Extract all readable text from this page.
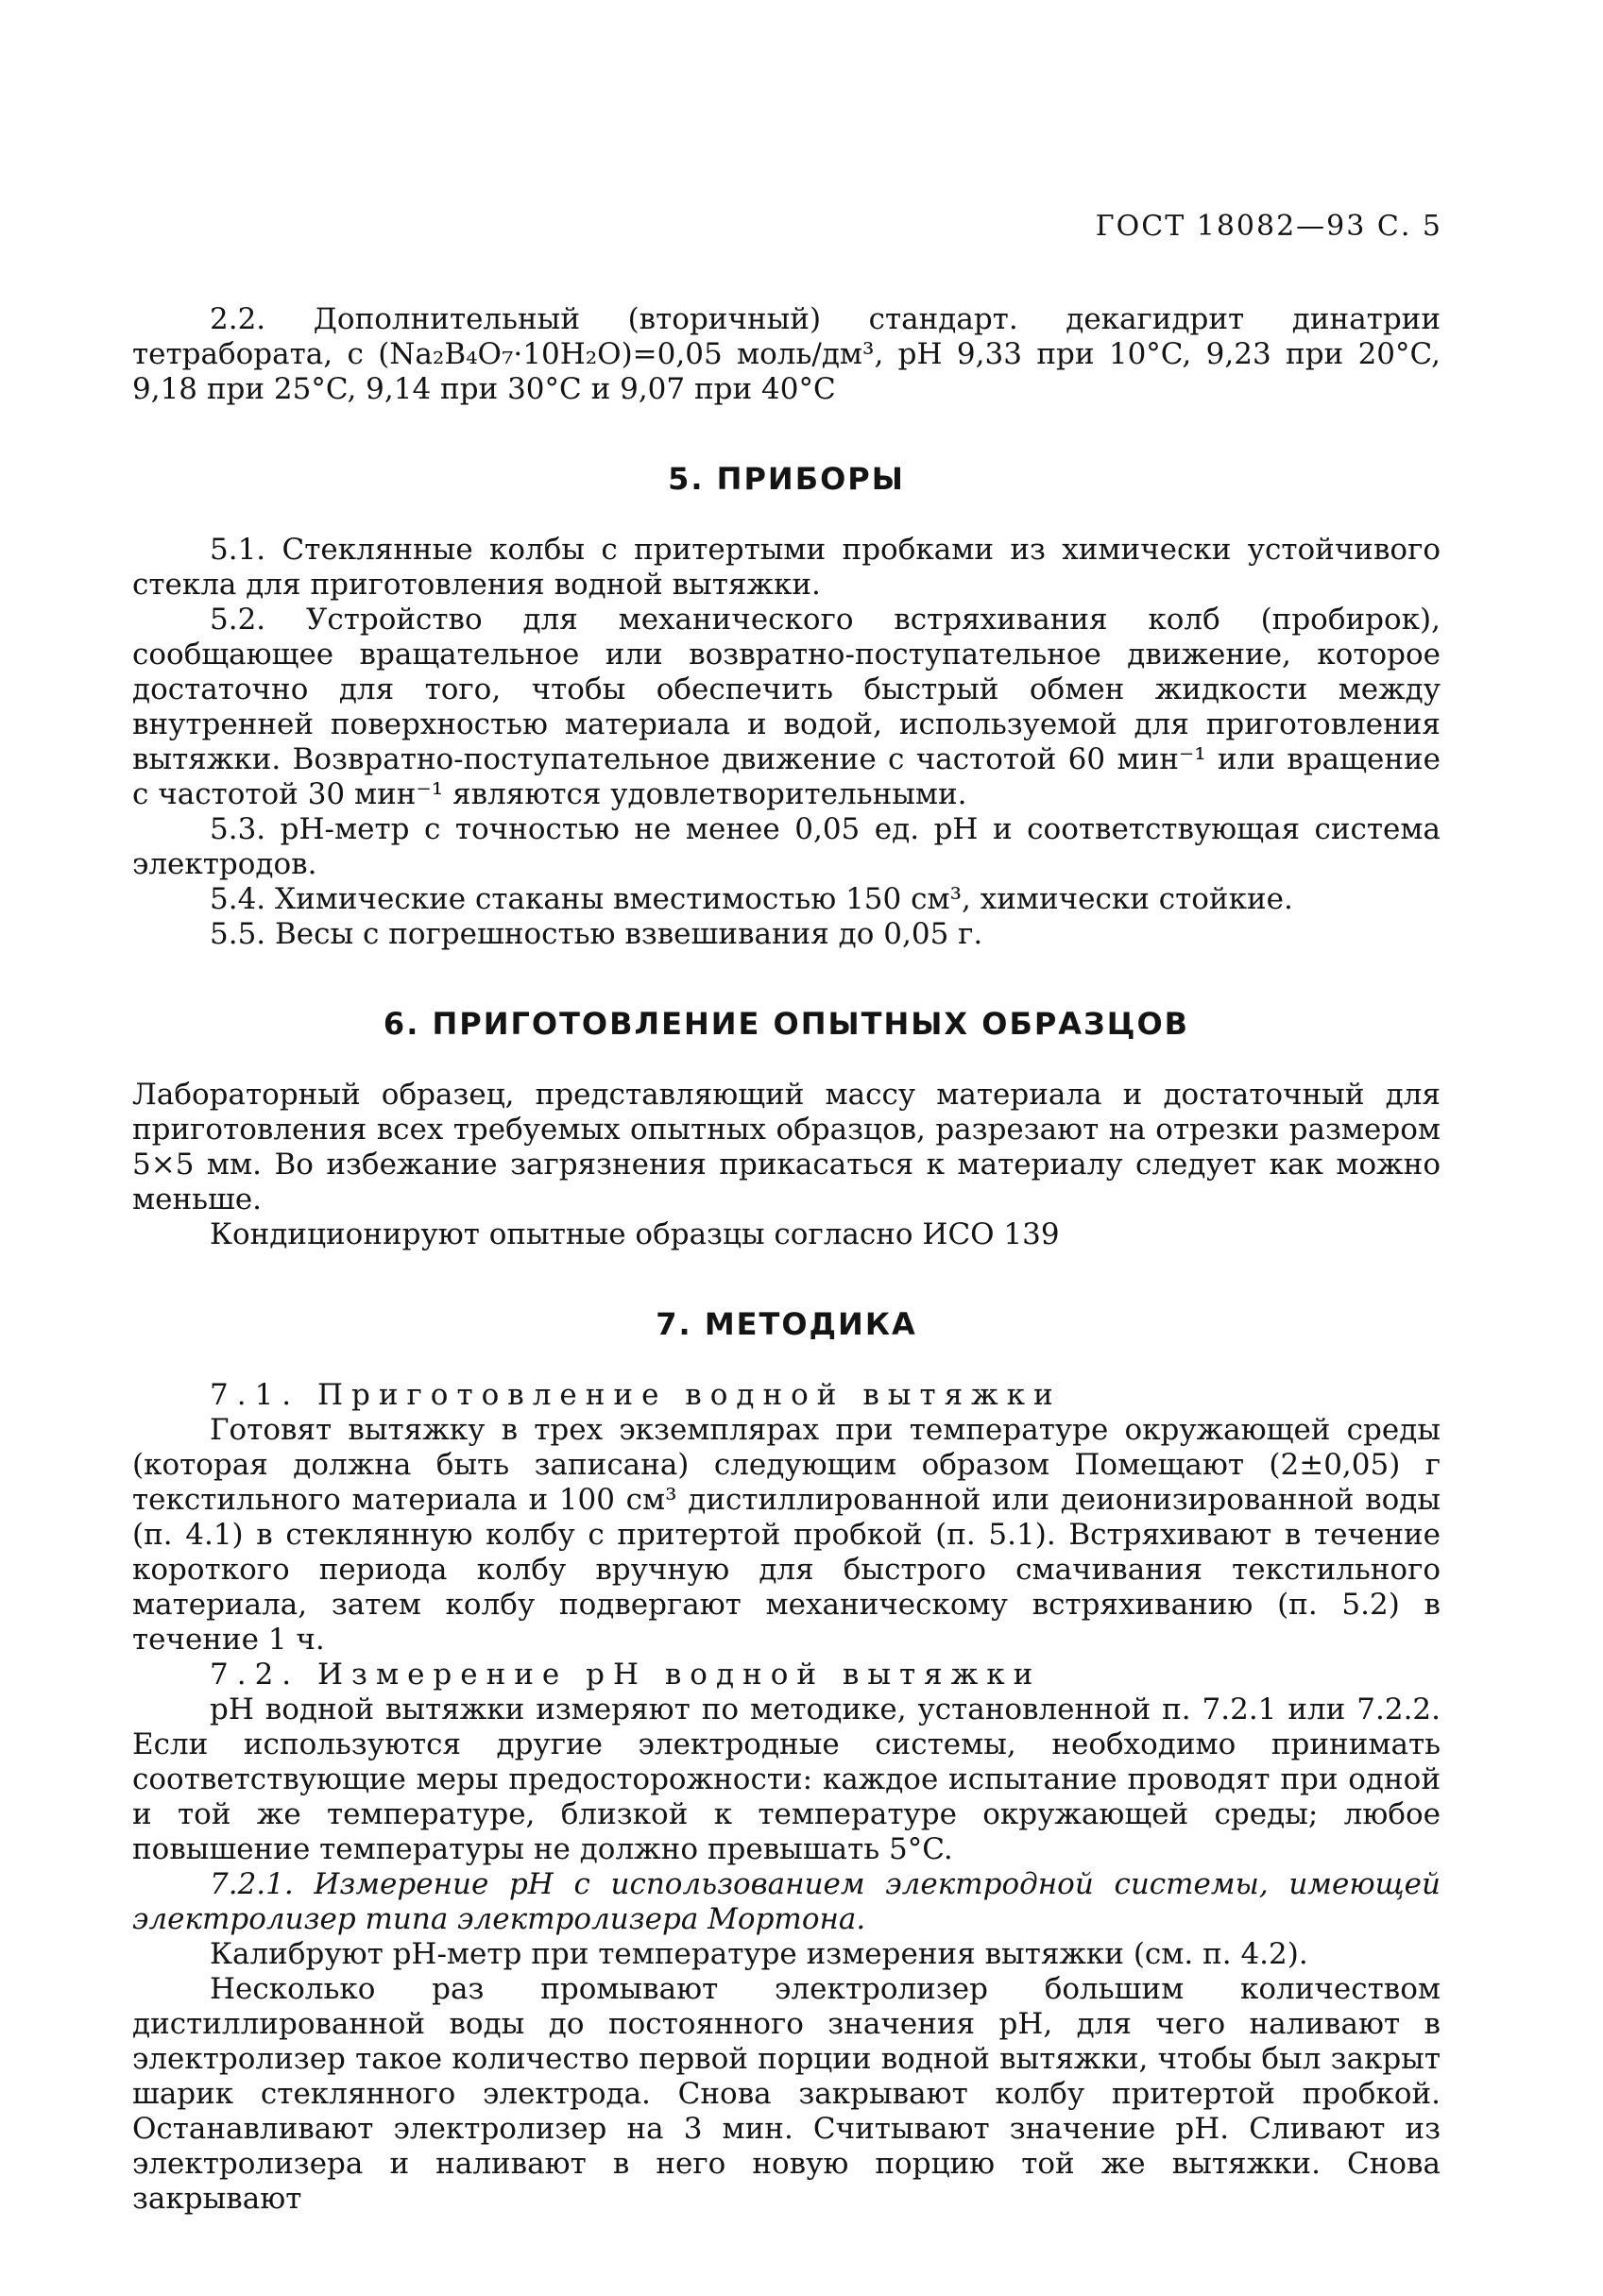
ГОСТ 18082—93 С. 5

2.2. Дополнительный (вторичный) стандарт. декагидрит динатрии тетрабората, c (Na₂B₄O₇·10H₂O)=0,05 моль/дм³, pH 9,33 при 10°C, 9,23 при 20°C, 9,18 при 25°C, 9,14 при 30°C и 9,07 при 40°C

5. ПРИБОРЫ

5.1. Стеклянные колбы с притертыми пробками из химически устойчивого стекла для приготовления водной вытяжки.

5.2. Устройство для механического встряхивания колб (пробирок), сообщающее вращательное или возвратно-поступательное движение, которое достаточно для того, чтобы обеспечить быстрый обмен жидкости между внутренней поверхностью материала и водой, используемой для приготовления вытяжки. Возвратно-поступательное движение с частотой 60 мин⁻¹ или вращение с частотой 30 мин⁻¹ являются удовлетворительными.

5.3. pH-метр с точностью не менее 0,05 ед. pH и соответствующая система электродов.

5.4. Химические стаканы вместимостью 150 см³, химически стойкие.

5.5. Весы с погрешностью взвешивания до 0,05 г.

6. ПРИГОТОВЛЕНИЕ ОПЫТНЫХ ОБРАЗЦОВ

Лабораторный образец, представляющий массу материала и достаточный для приготовления всех требуемых опытных образцов, разрезают на отрезки размером 5×5 мм. Во избежание загрязнения прикасаться к материалу следует как можно меньше.

Кондиционируют опытные образцы согласно ИСО 139

7. МЕТОДИКА

7.1. Приготовление водной вытяжки

Готовят вытяжку в трех экземплярах при температуре окружающей среды (которая должна быть записана) следующим образом Помещают (2±0,05) г текстильного материала и 100 см³ дистиллированной или деионизированной воды (п. 4.1) в стеклянную колбу с притертой пробкой (п. 5.1). Встряхивают в течение короткого периода колбу вручную для быстрого смачивания текстильного материала, затем колбу подвергают механическому встряхиванию (п. 5.2) в течение 1 ч.

7.2. Измерение pH водной вытяжки

pH водной вытяжки измеряют по методике, установленной п. 7.2.1 или 7.2.2. Если используются другие электродные системы, необходимо принимать соответствующие меры предосторожности: каждое испытание проводят при одной и той же температуре, близкой к температуре окружающей среды; любое повышение температуры не должно превышать 5°C.

7.2.1. Измерение pH с использованием электродной системы, имеющей электролизер типа электролизера Мортона.

Калибруют pH-метр при температуре измерения вытяжки (см. п. 4.2).

Несколько раз промывают электролизер большим количеством дистиллированной воды до постоянного значения pH, для чего наливают в электролизер такое количество первой порции водной вытяжки, чтобы был закрыт шарик стеклянного электрода. Снова закрывают колбу притертой пробкой. Останавливают электролизер на 3 мин. Считывают значение pH. Сливают из электролизера и наливают в него новую порцию той же вытяжки. Снова закрывают
